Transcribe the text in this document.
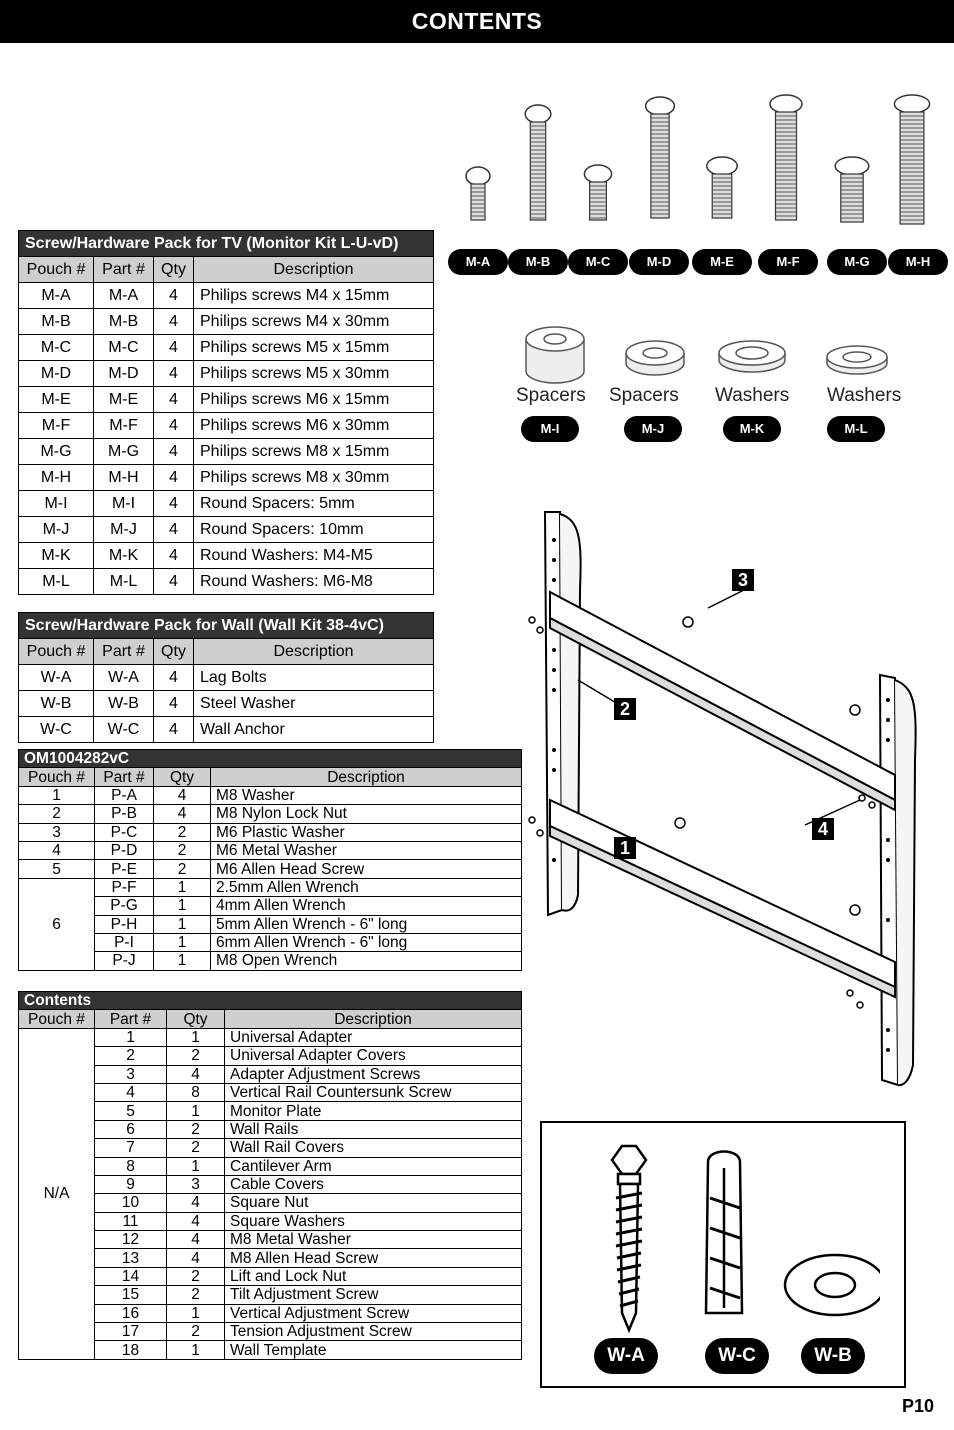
CONTENTS
Screw/Hardware Pack for TV (Monitor Kit L-U-vD)			
Pouch #	Part #	Qty	Description
M-A	M-A	4	Philips screws M4 x 15mm
M-B	M-B	4	Philips screws M4 x 30mm
M-C	M-C	4	Philips screws M5 x 15mm
M-D	M-D	4	Philips screws M5 x 30mm
M-E	M-E	4	Philips screws M6 x 15mm
M-F	M-F	4	Philips screws M6 x 30mm
M-G	M-G	4	Philips screws M8 x 15mm
M-H	M-H	4	Philips screws M8 x 30mm
M-I	M-I	4	Round Spacers: 5mm
M-J	M-J	4	Round Spacers: 10mm
M-K	M-K	4	Round Washers: M4-M5
M-L	M-L	4	Round Washers: M6-M8
Screw/Hardware Pack for Wall (Wall Kit 38-4vC)			
Pouch #	Part #	Qty	Description
W-A	W-A	4	Lag Bolts
W-B	W-B	4	Steel Washer
W-C	W-C	4	Wall Anchor
OM1004282vC			
Pouch #	Part #	Qty	Description
1	P-A	4	M8 Washer
2	P-B	4	M8 Nylon Lock Nut
3	P-C	2	M6 Plastic Washer
4	P-D	2	M6 Metal Washer
5	P-E	2	M6 Allen Head Screw
6	P-F	1	2.5mm Allen Wrench
	P-G	1	4mm Allen Wrench
	P-H	1	5mm Allen Wrench - 6" long
	P-I	1	6mm Allen Wrench - 6" long
	P-J	1	M8 Open Wrench
Contents			
Pouch #	Part #	Qty	Description
N/A	1	1	Universal Adapter
	2	2	Universal Adapter Covers
	3	4	Adapter Adjustment Screws
	4	8	Vertical Rail Countersunk Screw
	5	1	Monitor Plate
	6	2	Wall Rails
	7	2	Wall Rail Covers
	8	1	Cantilever Arm
	9	3	Cable Covers
	10	4	Square Nut
	11	4	Square Washers
	12	4	M8 Metal Washer
	13	4	M8 Allen Head Screw
	14	2	Lift and Lock Nut
	15	2	Tilt Adjustment Screw
	16	1	Vertical Adjustment Screw
	17	2	Tension Adjustment Screw
	18	1	Wall Template
M-A	M-B	M-C	M-D	M-E	M-F	M-G	M-H
Spacers
M-I
Spacers
M-J
Washers
M-K
Washers
M-L
3
2
4
1
W-A	W-C	W-B
P10
